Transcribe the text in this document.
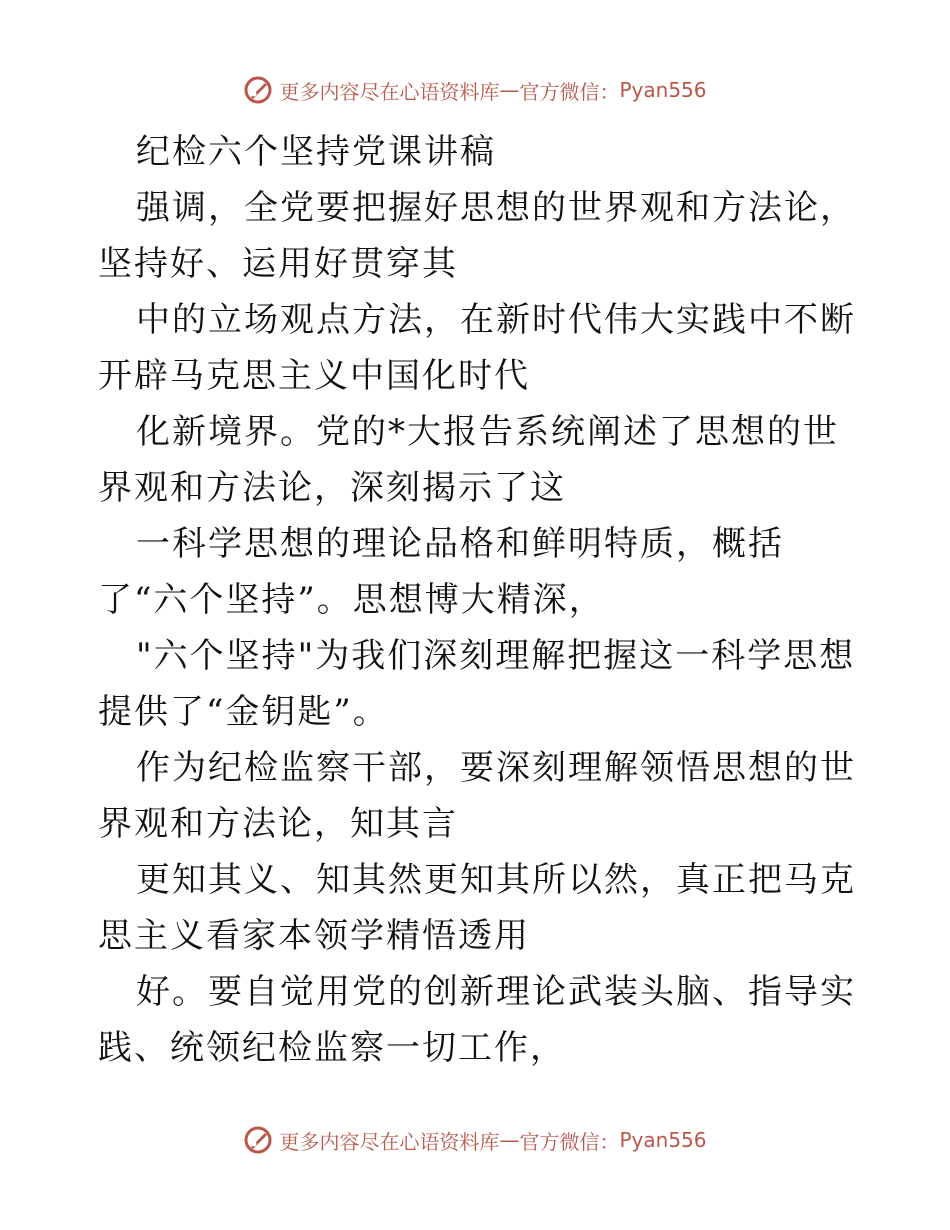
更多内容尽在心语资料库 — 官方微信： Pyan556

纪检六个坚持党课讲稿

强调，全党要把握好思想的世界观和方法论，坚持好、运用好贯穿其

中的立场观点方法，在新时代伟大实践中不断开辟马克思主义中国化时代

化新境界。党的*大报告系统阐述了思想的世界观和方法论，深刻揭示了这

一科学思想的理论品格和鲜明特质，概括了“六个坚持”。思想博大精深，

"六个坚持"为我们深刻理解把握这一科学思想提供了“金钥匙”。

作为纪检监察干部，要深刻理解领悟思想的世界观和方法论，知其言

更知其义、知其然更知其所以然，真正把马克思主义看家本领学精悟透用

好。要自觉用党的创新理论武装头脑、指导实践、统领纪检监察一切工作，

更多内容尽在心语资料库 — 官方微信： Pyan556
